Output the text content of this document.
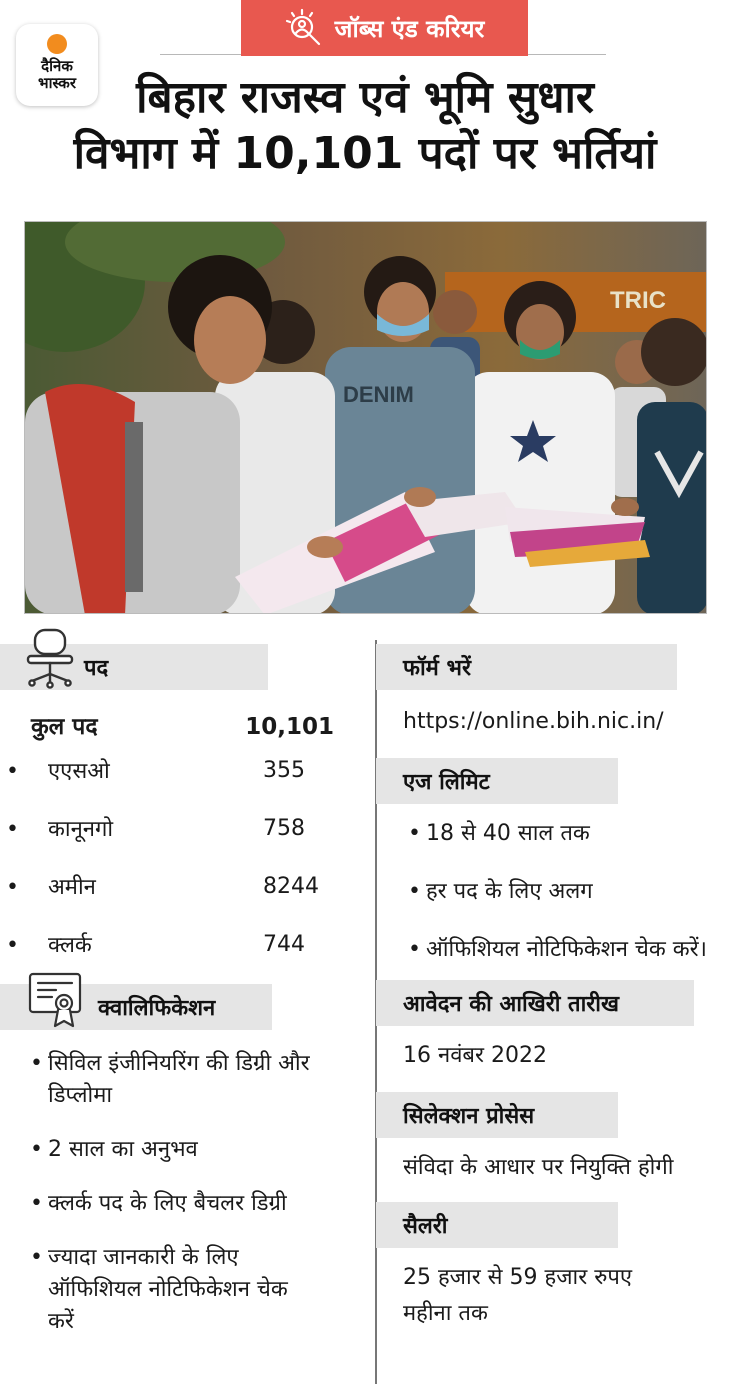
दैनिक
भास्कर
जॉब्स एंड करियर
बिहार राजस्व एवं भूमि सुधार
विभाग में 10,101 पदों पर भर्तियां
TRIC
DENIM
पद
कुल पद	10,101
• एएसओ	355
• कानूनगो	758
• अमीन	8244
• क्लर्क	744
क्वालिफिकेशन
• सिविल इंजीनियरिंग की डिग्री और डिप्लोमा
• 2 साल का अनुभव
• क्लर्क पद के लिए बैचलर डिग्री
• ज्यादा जानकारी के लिए ऑफिशियल नोटिफिकेशन चेक करें
फॉर्म भरें
https://online.bih.nic.in/
एज लिमिट
• 18 से 40 साल तक
• हर पद के लिए अलग
• ऑफिशियल नोटिफिकेशन चेक करें।
आवेदन की आखिरी तारीख
16 नवंबर 2022
सिलेक्शन प्रोसेस
संविदा के आधार पर नियुक्ति होगी
सैलरी
25 हजार से 59 हजार रुपए महीना तक
